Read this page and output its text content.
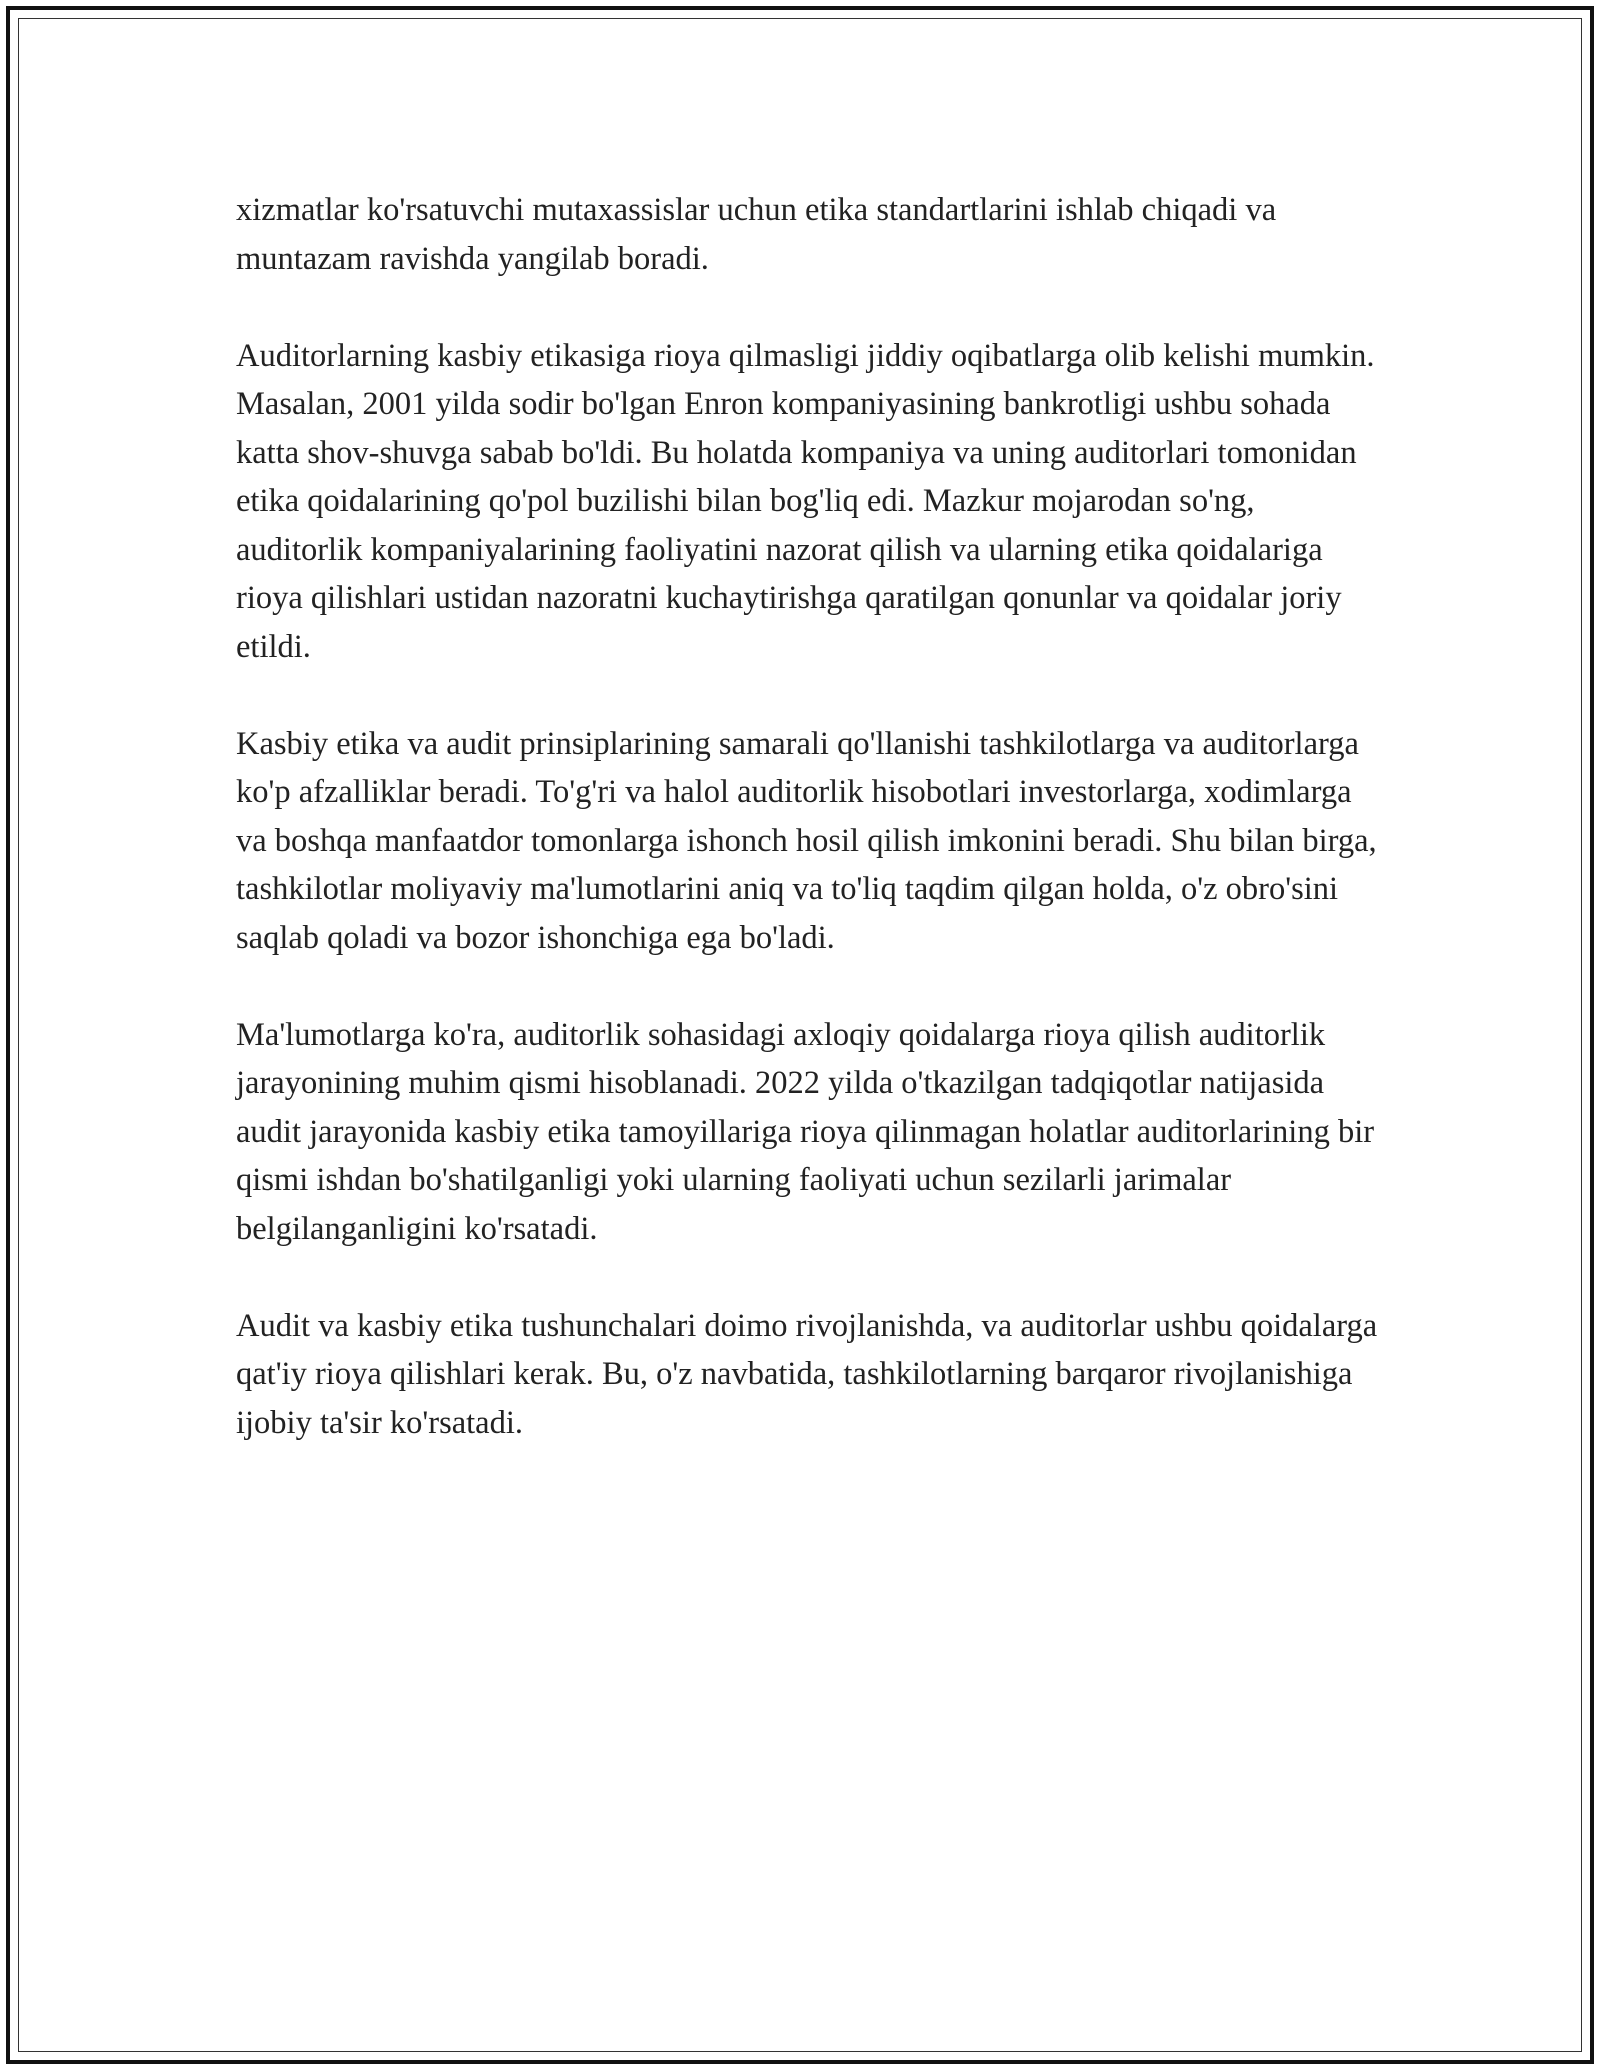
xizmatlar ko'rsatuvchi mutaxassislar uchun etika standartlarini ishlab chiqadi va muntazam ravishda yangilab boradi.

Auditorlarning kasbiy etikasiga rioya qilmasligi jiddiy oqibatlarga olib kelishi mumkin. Masalan, 2001 yilda sodir bo'lgan Enron kompaniyasining bankrotligi ushbu sohada katta shov-shuvga sabab bo'ldi. Bu holatda kompaniya va uning auditorlari tomonidan etika qoidalarining qo'pol buzilishi bilan bog'liq edi. Mazkur mojarodan so'ng, auditorlik kompaniyalarining faoliyatini nazorat qilish va ularning etika qoidalariga rioya qilishlari ustidan nazoratni kuchaytirishga qaratilgan qonunlar va qoidalar joriy etildi.

Kasbiy etika va audit prinsiplarining samarali qo'llanishi tashkilotlarga va auditorlarga ko'p afzalliklar beradi. To'g'ri va halol auditorlik hisobotlari investorlarga, xodimlarga va boshqa manfaatdor tomonlarga ishonch hosil qilish imkonini beradi. Shu bilan birga, tashkilotlar moliyaviy ma'lumotlarini aniq va to'liq taqdim qilgan holda, o'z obro'sini saqlab qoladi va bozor ishonchiga ega bo'ladi.

Ma'lumotlarga ko'ra, auditorlik sohasidagi axloqiy qoidalarga rioya qilish auditorlik jarayonining muhim qismi hisoblanadi. 2022 yilda o'tkazilgan tadqiqotlar natijasida audit jarayonida kasbiy etika tamoyillariga rioya qilinmagan holatlar auditorlarining bir qismi ishdan bo'shatilganligi yoki ularning faoliyati uchun sezilarli jarimalar belgilanganligini ko'rsatadi.

Audit va kasbiy etika tushunchalari doimo rivojlanishda, va auditorlar ushbu qoidalarga qat'iy rioya qilishlari kerak. Bu, o'z navbatida, tashkilotlarning barqaror rivojlanishiga ijobiy ta'sir ko'rsatadi.
